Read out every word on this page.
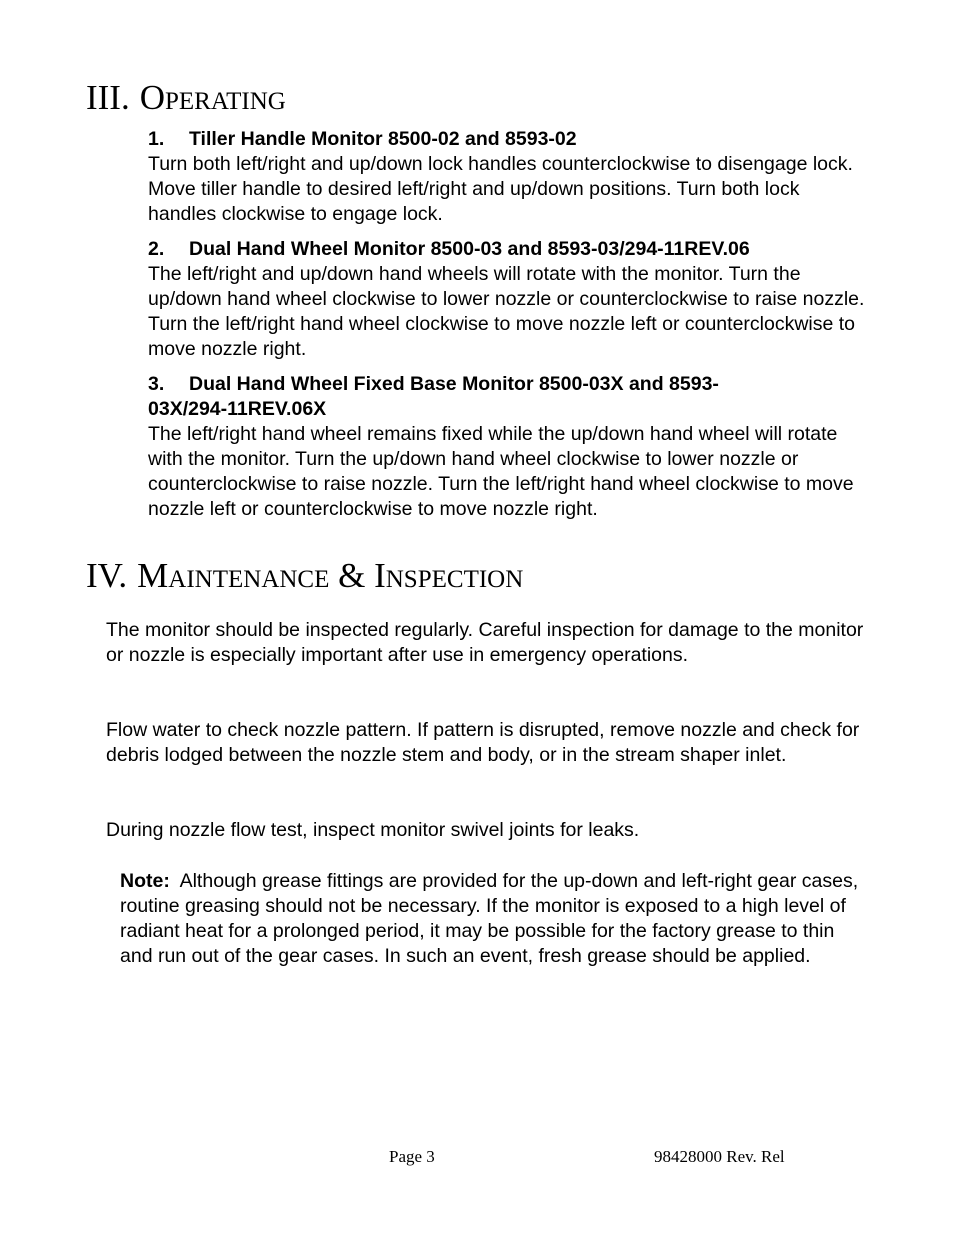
III. Operating
1. Tiller Handle Monitor 8500-02 and 8593-02
Turn both left/right and up/down lock handles counterclockwise to disengage lock. Move tiller handle to desired left/right and up/down positions. Turn both lock handles clockwise to engage lock.
2. Dual Hand Wheel Monitor 8500-03 and 8593-03/294-11REV.06
The left/right and up/down hand wheels will rotate with the monitor. Turn the up/down hand wheel clockwise to lower nozzle or counterclockwise to raise nozzle. Turn the left/right hand wheel clockwise to move nozzle left or counterclockwise to move nozzle right.
3. Dual Hand Wheel Fixed Base Monitor 8500-03X and 8593-03X/294-11REV.06X
The left/right hand wheel remains fixed while the up/down hand wheel will rotate with the monitor. Turn the up/down hand wheel clockwise to lower nozzle or counterclockwise to raise nozzle. Turn the left/right hand wheel clockwise to move nozzle left or counterclockwise to move nozzle right.
IV. Maintenance & Inspection
The monitor should be inspected regularly. Careful inspection for damage to the monitor or nozzle is especially important after use in emergency operations.
Flow water to check nozzle pattern. If pattern is disrupted, remove nozzle and check for debris lodged between the nozzle stem and body, or in the stream shaper inlet.
During nozzle flow test, inspect monitor swivel joints for leaks.
Note: Although grease fittings are provided for the up-down and left-right gear cases, routine greasing should not be necessary. If the monitor is exposed to a high level of radiant heat for a prolonged period, it may be possible for the factory grease to thin and run out of the gear cases. In such an event, fresh grease should be applied.
Page 3	98428000 Rev. Rel
